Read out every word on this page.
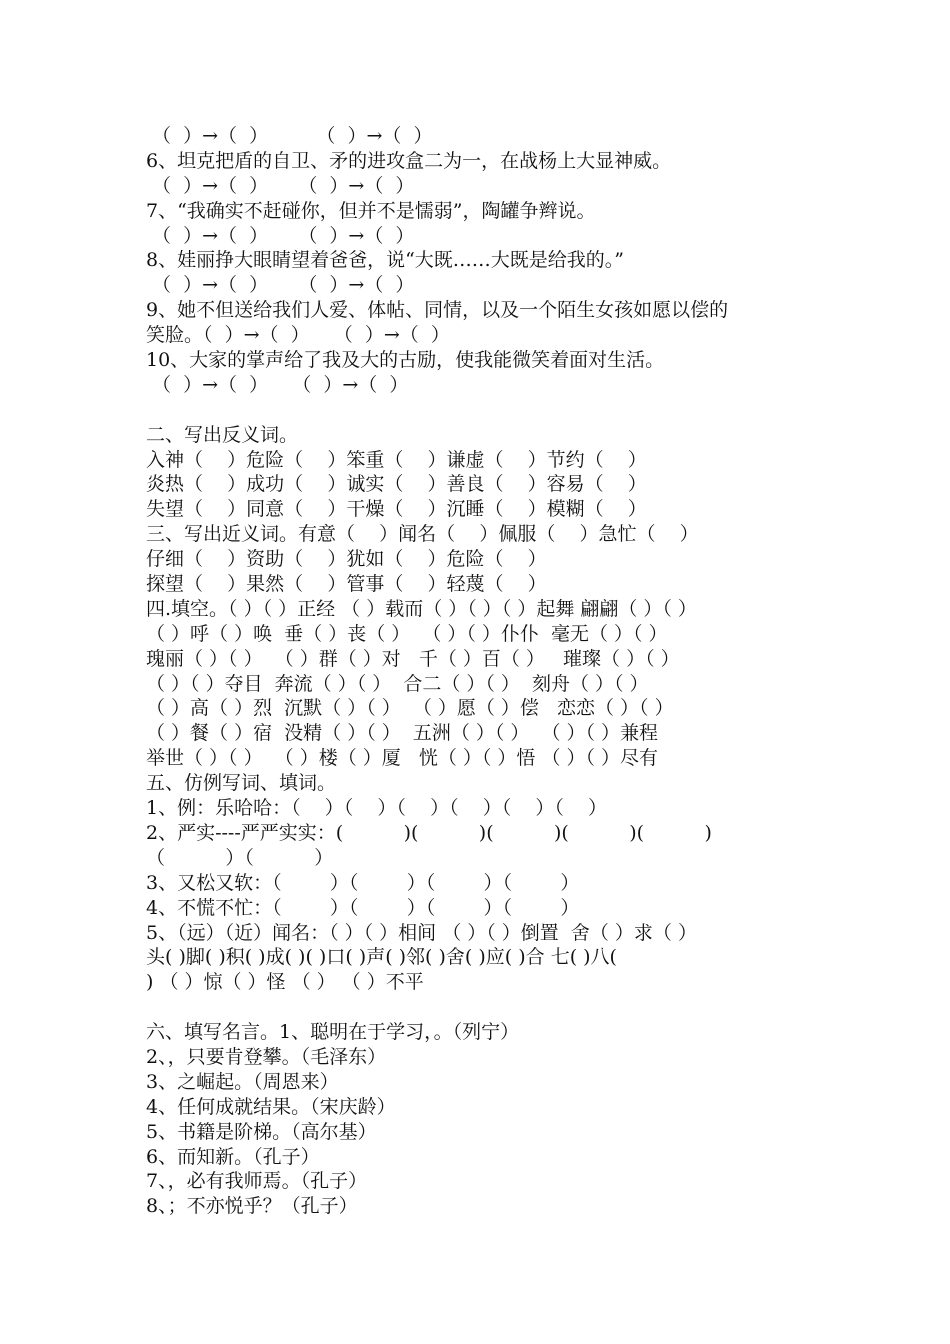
（  ）→（  ）        （  ）→（  ）
6、坦克把盾的自卫、矛的进攻盒二为一，在战杨上大显神威。
（  ）→（  ）     （  ）→（  ）
7、“我确实不赶碰你，但并不是懦弱”，陶罐争辫说。
（  ）→（  ）     （  ）→（  ）
8、娃丽挣大眼睛望着爸爸，说“大既……大既是给我的。”
（  ）→（  ）     （  ）→（  ）
9、她不但送给我们人爱、体帖、同情，以及一个陌生女孩如愿以偿的
笑脸。（  ）→（  ）    （  ）→（  ）
10、大家的掌声给了我及大的古励，使我能微笑着面对生活。
（  ）→（  ）    （  ）→（  ）
二、写出反义词。
入神（    ）危险（    ）笨重（    ）谦虚（    ）节约（    ）
炎热（    ）成功（    ）诚实（    ）善良（    ）容易（    ）
失望（    ）同意（    ）干燥（    ）沉睡（    ）模糊（    ）
三、写出近义词。有意（    ）闻名（    ）佩服（    ）急忙（    ）
仔细（    ）资助（    ）犹如（    ）危险（    ）
探望（    ）果然（    ）管事（    ）轻蔑（    ）
四.填空。（ ）（ ）正经 （ ）载而（ ）（ ）（ ）起舞 翩翩（ ）（ ）
（ ）呼（ ）唤  垂（ ）丧（ ）  （ ）（ ）仆仆  毫无（ ）（ ）
瑰丽（ ）（ ）  （ ）群（ ）对   千（ ）百（ ）   璀璨（ ）（ ）
（ ）（ ）夺目  奔流（ ）（ ）  合二（ ）（ ）  刻舟（ ）（ ）
（ ）高（ ）烈  沉默（ ）（ ）  （ ）愿（ ）偿   恋恋（ ）（ ）
（ ）餐（ ）宿  没精（ ）（ ）  五洲（ ）（ ）  （ ）（ ）兼程
举世（ ）（ ）  （ ）楼（ ）厦   恍（ ）（ ）悟 （ ）（ ）尽有
五、仿例写词、填词。
1、例：乐哈哈：（    ）（    ）（    ）（    ）（    ）（    ）
2、严实----严严实实：(          )(          )(          )(          )(          )
（          ）（          ）
3、又松又软：（        ）（        ）（        ）（        ）
4、不慌不忙：（        ）（        ）（        ）（        ）
5、（远）（近）闻名：（ ）（ ）相间 （ ）（ ）倒置  舍（ ）求（ ）
头( )脚( )积( )成( )( )口( )声( )邻( )舍( )应( )合 七( )八(
) （ ）惊（ ）怪 （ ） （ ）不平
六、填写名言。1、聪明在于学习，。（列宁）
2、，只要肯登攀。（毛泽东）
3、之崛起。（周恩来）
4、任何成就结果。（宋庆龄）
5、书籍是阶梯。（高尔基）
6、而知新。（孔子）
7、，必有我师焉。（孔子）
8、；不亦悦乎？（孔子）
